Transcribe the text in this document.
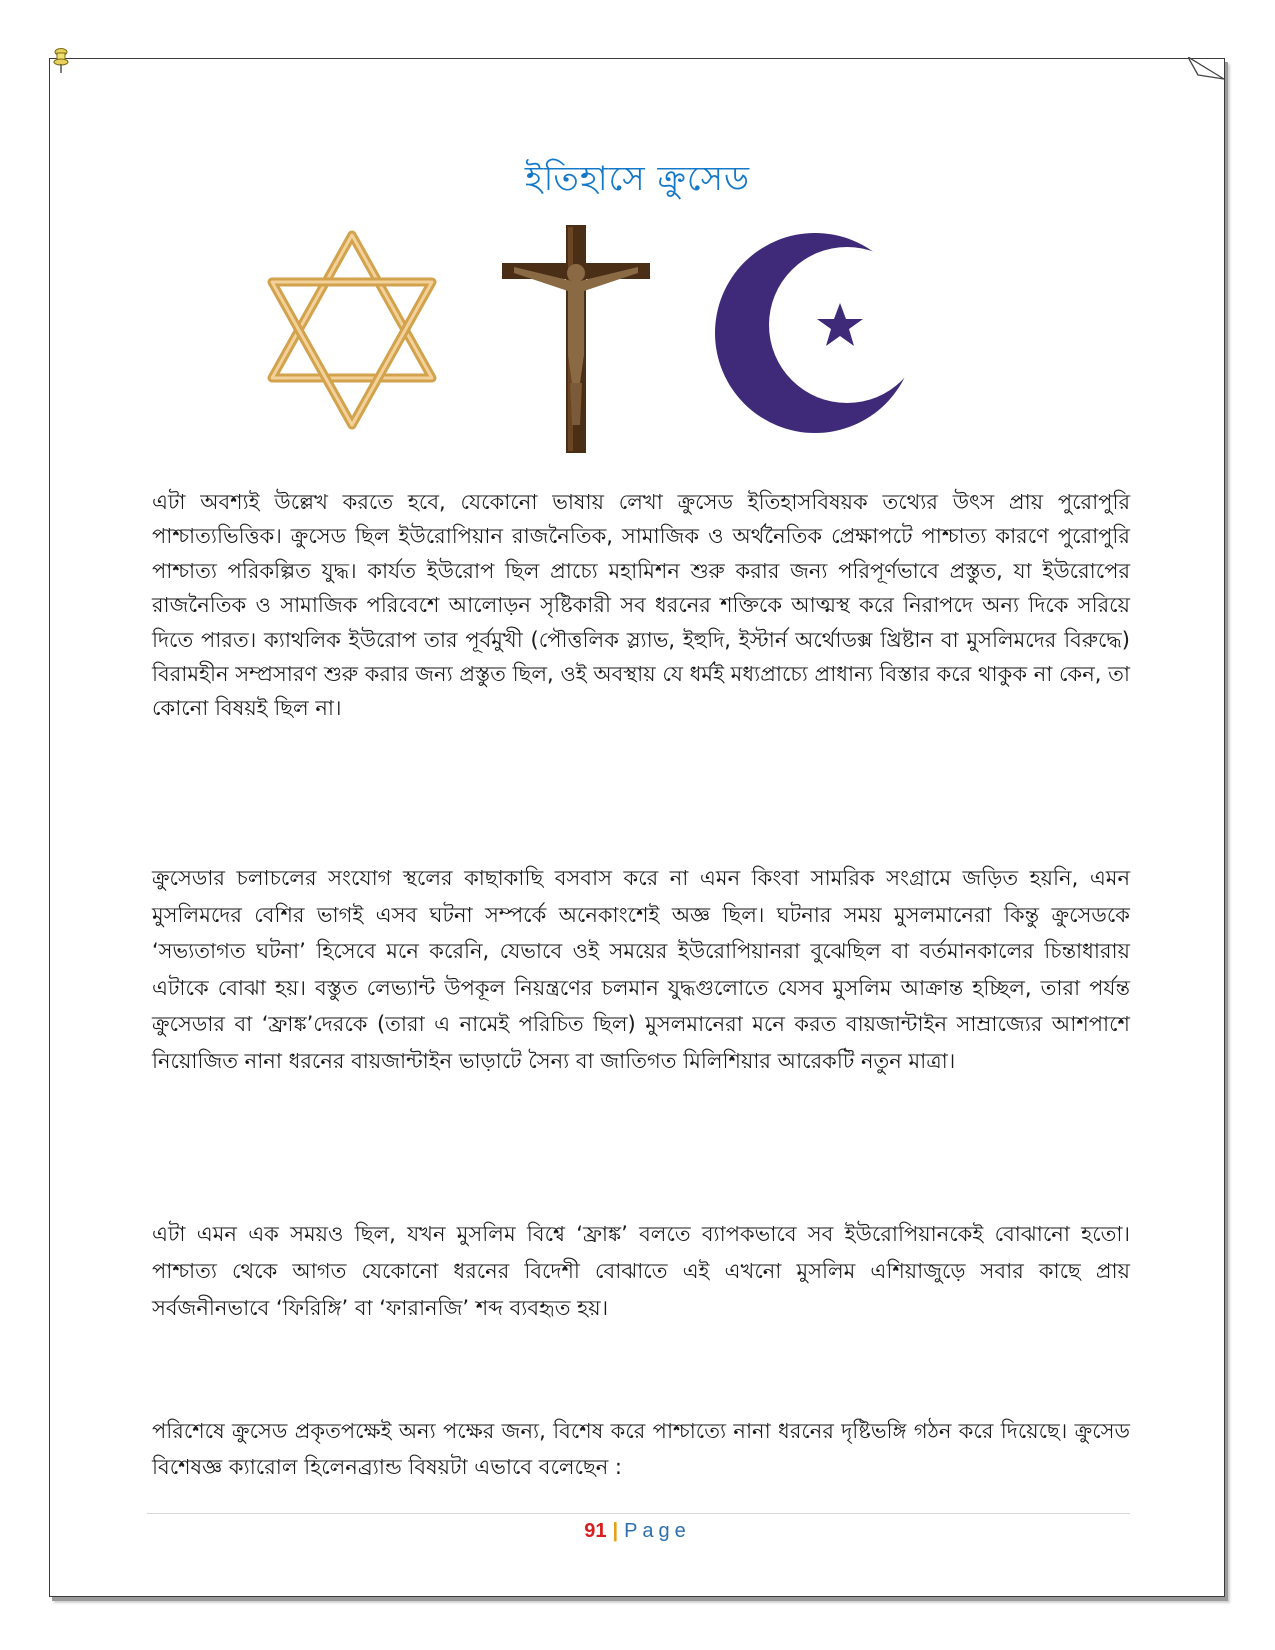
ইতিহাসে ক্রুসেড

এটা অবশ্যই উল্লেখ করতে হবে, যেকোনো ভাষায় লেখা ক্রুসেড ইতিহাসবিষয়ক তথ্যের উৎস প্রায় পুরোপুরি পাশ্চাত্যভিত্তিক। ক্রুসেড ছিল ইউরোপিয়ান রাজনৈতিক, সামাজিক ও অর্থনৈতিক প্রেক্ষাপটে পাশ্চাত্য কারণে পুরোপুরি পাশ্চাত্য পরিকল্পিত যুদ্ধ। কার্যত ইউরোপ ছিল প্রাচ্যে মহামিশন শুরু করার জন্য পরিপূর্ণভাবে প্রস্তুত, যা ইউরোপের রাজনৈতিক ও সামাজিক পরিবেশে আলোড়ন সৃষ্টিকারী সব ধরনের শক্তিকে আত্মস্থ করে নিরাপদে অন্য দিকে সরিয়ে দিতে পারত। ক্যাথলিক ইউরোপ তার পূর্বমুখী (পৌত্তলিক স্ল্যাভ, ইহুদি, ইস্টার্ন অর্থোডক্স খ্রিষ্টান বা মুসলিমদের বিরুদ্ধে) বিরামহীন সম্প্রসারণ শুরু করার জন্য প্রস্তুত ছিল, ওই অবস্থায় যে ধর্মই মধ্যপ্রাচ্যে প্রাধান্য বিস্তার করে থাকুক না কেন, তা কোনো বিষয়ই ছিল না।

ক্রুসেডার চলাচলের সংযোগ স্থলের কাছাকাছি বসবাস করে না এমন কিংবা সামরিক সংগ্রামে জড়িত হয়নি, এমন মুসলিমদের বেশির ভাগই এসব ঘটনা সম্পর্কে অনেকাংশেই অজ্ঞ ছিল। ঘটনার সময় মুসলমানেরা কিন্তু ক্রুসেডকে ‘সভ্যতাগত ঘটনা’ হিসেবে মনে করেনি, যেভাবে ওই সময়ের ইউরোপিয়ানরা বুঝেছিল বা বর্তমানকালের চিন্তাধারায় এটাকে বোঝা হয়। বস্তুত লেভ্যান্ট উপকূল নিয়ন্ত্রণের চলমান যুদ্ধগুলোতে যেসব মুসলিম আক্রান্ত হচ্ছিল, তারা পর্যন্ত ক্রুসেডার বা ‘ফ্রাঙ্ক’দেরকে (তারা এ নামেই পরিচিত ছিল) মুসলমানেরা মনে করত বায়জান্টাইন সাম্রাজ্যের আশপাশে নিয়োজিত নানা ধরনের বায়জান্টাইন ভাড়াটে সৈন্য বা জাতিগত মিলিশিয়ার আরেকটি নতুন মাত্রা।

এটা এমন এক সময়ও ছিল, যখন মুসলিম বিশ্বে ‘ফ্রাঙ্ক’ বলতে ব্যাপকভাবে সব ইউরোপিয়ানকেই বোঝানো হতো। পাশ্চাত্য থেকে আগত যেকোনো ধরনের বিদেশী বোঝাতে এই এখনো মুসলিম এশিয়াজুড়ে সবার কাছে প্রায় সর্বজনীনভাবে ‘ফিরিঙ্গি’ বা ‘ফারানজি’ শব্দ ব্যবহৃত হয়।

পরিশেষে ক্রুসেড প্রকৃতপক্ষেই অন্য পক্ষের জন্য, বিশেষ করে পাশ্চাত্যে নানা ধরনের দৃষ্টিভঙ্গি গঠন করে দিয়েছে। ক্রুসেড বিশেষজ্ঞ ক্যারোল হিলেনব্র্যান্ড বিষয়টা এভাবে বলেছেন :

91 | Page
